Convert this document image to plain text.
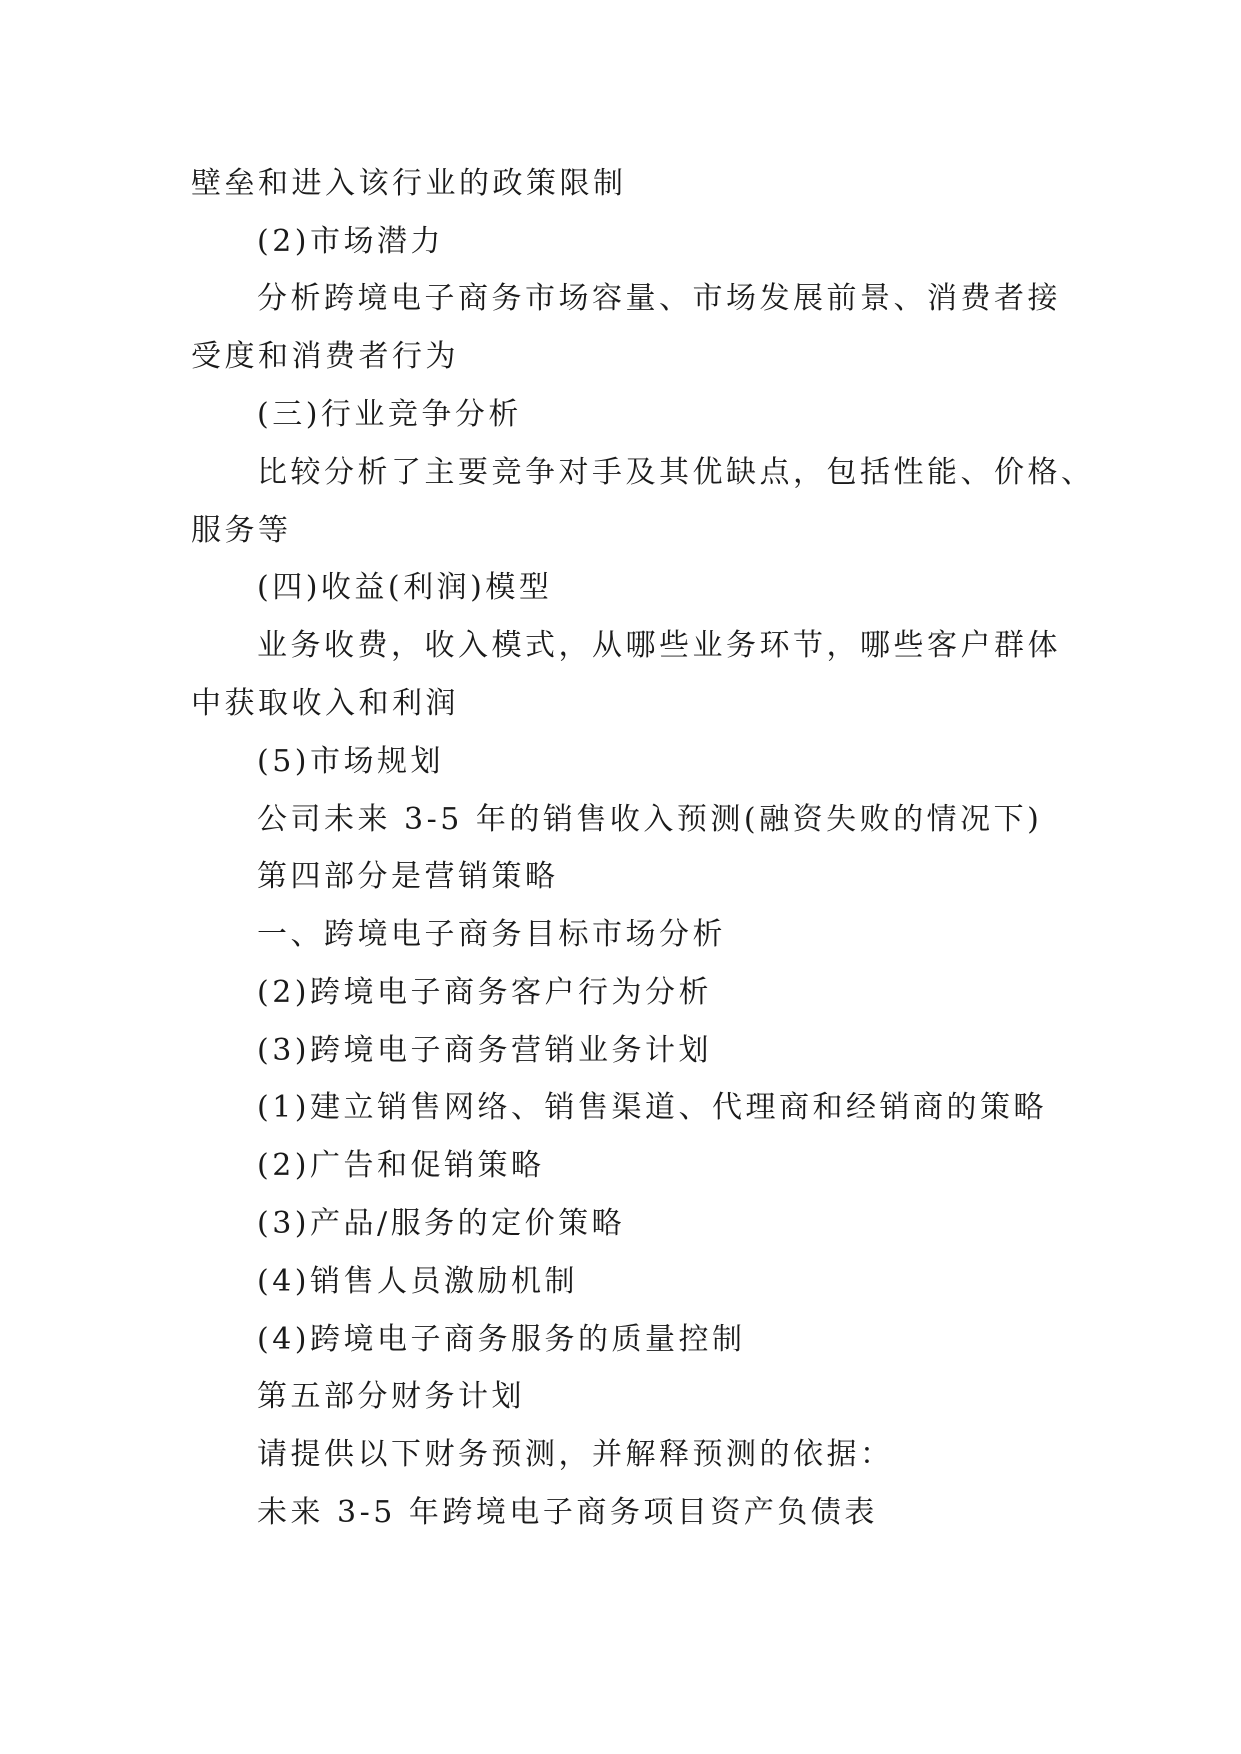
壁垒和进入该行业的政策限制

(2)市场潜力

分析跨境电子商务市场容量、市场发展前景、消费者接

受度和消费者行为

(三)行业竞争分析

比较分析了主要竞争对手及其优缺点，包括性能、价格、

服务等

(四)收益(利润)模型

业务收费，收入模式，从哪些业务环节，哪些客户群体

中获取收入和利润

(5)市场规划

公司未来 3-5 年的销售收入预测(融资失败的情况下)

第四部分是营销策略

一、跨境电子商务目标市场分析

(2)跨境电子商务客户行为分析

(3)跨境电子商务营销业务计划

(1)建立销售网络、销售渠道、代理商和经销商的策略

(2)广告和促销策略

(3)产品/服务的定价策略

(4)销售人员激励机制

(4)跨境电子商务服务的质量控制

第五部分财务计划

请提供以下财务预测，并解释预测的依据：

未来 3-5 年跨境电子商务项目资产负债表
